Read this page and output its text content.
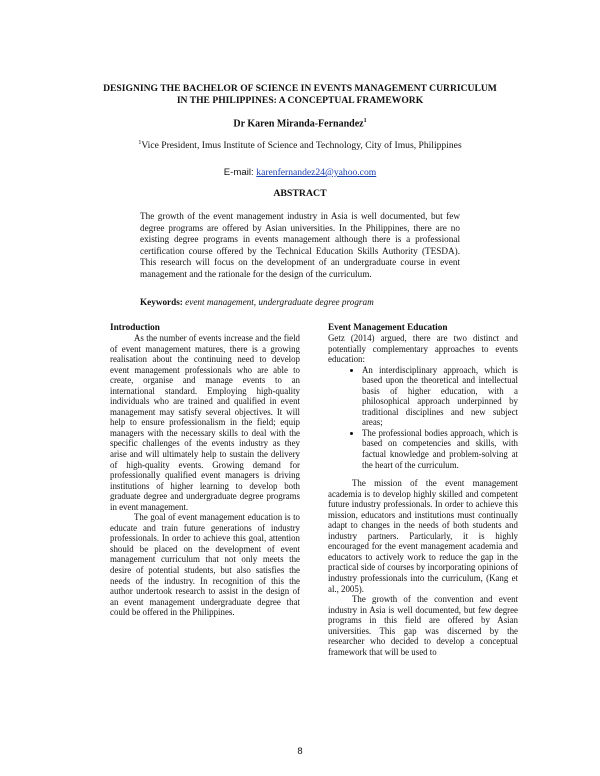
DESIGNING THE BACHELOR OF SCIENCE IN EVENTS MANAGEMENT CURRICULUM
IN THE PHILIPPINES: A CONCEPTUAL FRAMEWORK
Dr Karen Miranda-Fernandez$^1$
$^1$Vice President, Imus Institute of Science and Technology, City of Imus, Philippines
E-mail: karenfernandez24@yahoo.com
ABSTRACT

The growth of the event management industry in Asia is well documented, but few degree programs are offered by Asian universities. In the Philippines, there are no existing degree programs in events management although there is a professional certification course offered by the Technical Education Skills Authority (TESDA). This research will focus on the development of an undergraduate course in event management and the rationale for the design of the curriculum.

Keywords: event management, undergraduate degree program

Introduction

As the number of events increase and the field of event management matures, there is a growing realisation about the continuing need to develop event management professionals who are able to create, organise and manage events to an international standard. Employing high-quality individuals who are trained and qualified in event management may satisfy several objectives. It will help to ensure professionalism in the field; equip managers with the necessary skills to deal with the specific challenges of the events industry as they arise and will ultimately help to sustain the delivery of high-quality events. Growing demand for professionally qualified event managers is driving institutions of higher learning to develop both graduate degree and undergraduate degree programs in event management.

The goal of event management education is to educate and train future generations of industry professionals. In order to achieve this goal, attention should be placed on the development of event management curriculum that not only meets the desire of potential students, but also satisfies the needs of the industry. In recognition of this the author undertook research to assist in the design of an event management undergraduate degree that could be offered in the Philippines.

Event Management Education

Getz (2014) argued, there are two distinct and potentially complementary approaches to events education:

• An interdisciplinary approach, which is based upon the theoretical and intellectual basis of higher education, with a philosophical approach underpinned by traditional disciplines and new subject areas;
• The professional bodies approach, which is based on competencies and skills, with factual knowledge and problem-solving at the heart of the curriculum.

The mission of the event management academia is to develop highly skilled and competent future industry professionals. In order to achieve this mission, educators and institutions must continually adapt to changes in the needs of both students and industry partners. Particularly, it is highly encouraged for the event management academia and educators to actively work to reduce the gap in the practical side of courses by incorporating opinions of industry professionals into the curriculum, (Kang et al., 2005).

The growth of the convention and event industry in Asia is well documented, but few degree programs in this field are offered by Asian universities. This gap was discerned by the researcher who decided to develop a conceptual framework that will be used to

8
